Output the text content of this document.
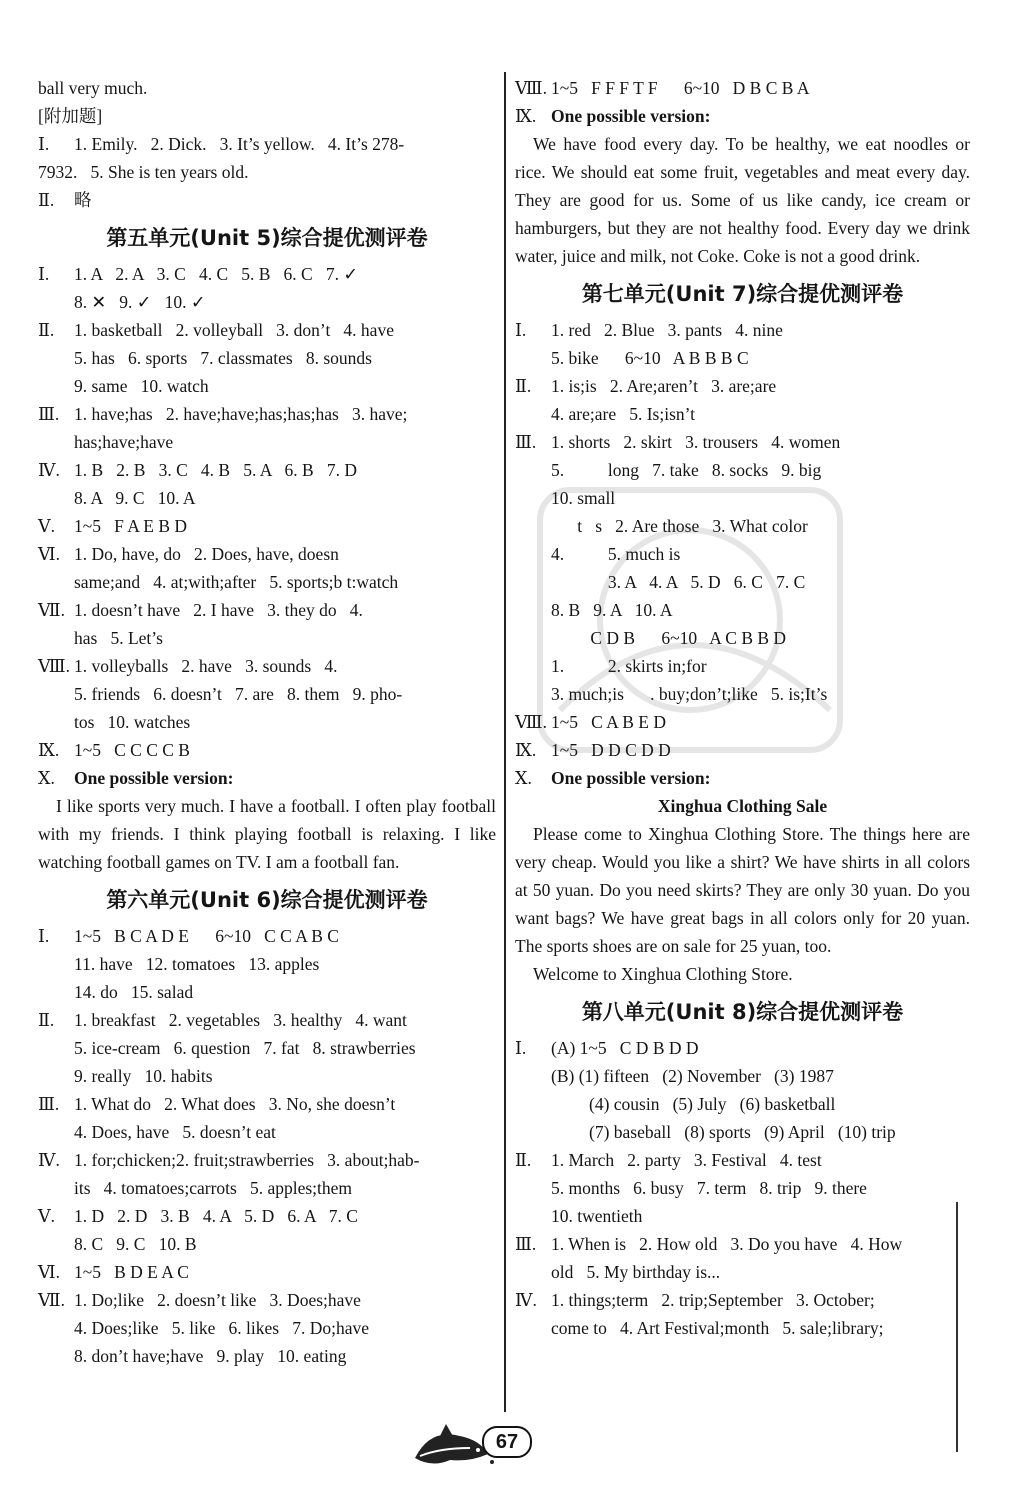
ball very much.
[附加题]
Ⅰ. 1. Emily.   2. Dick.   3. It’s yellow.   4. It’s 278-
7932.   5. She is ten years old.
Ⅱ. 略
第五单元(Unit 5)综合提优测评卷
Ⅰ. 1. A   2. A   3. C   4. C   5. B   6. C   7. ✓
8. ✕   9. ✓   10. ✓
Ⅱ. 1. basketball   2. volleyball   3. don’t   4. have
5. has   6. sports   7. classmates   8. sounds
9. same   10. watch
Ⅲ. 1. have;has   2. have;have;has;has;has   3. have;
has;have;have
Ⅳ. 1. B   2. B   3. C   4. B   5. A   6. B   7. D
8. A   9. C   10. A
Ⅴ. 1~5   F A E B D
Ⅵ. 1. Do, have, do   2. Does, have, doesn
same;and   4. at;with;after   5. sports;b t:watch
Ⅶ. 1. doesn’t have   2. I have   3. they do   4.
has   5. Let’s
Ⅷ. 1. volleyballs   2. have   3. sounds   4.
5. friends   6. doesn’t   7. are   8. them   9. pho-
tos   10. watches
Ⅸ. 1~5   C C C C B
Ⅹ. One possible version:
I like sports very much. I have a football. I often play football with my friends. I think playing football is relaxing. I like watching football games on TV. I am a football fan.
第六单元(Unit 6)综合提优测评卷
Ⅰ. 1~5   B C A D E      6~10   C C A B C
11. have   12. tomatoes   13. apples
14. do   15. salad
Ⅱ. 1. breakfast   2. vegetables   3. healthy   4. want
5. ice-cream   6. question   7. fat   8. strawberries
9. really   10. habits
Ⅲ. 1. What do   2. What does   3. No, she doesn’t
4. Does, have   5. doesn’t eat
Ⅳ. 1. for;chicken;2. fruit;strawberries   3. about;hab-
its   4. tomatoes;carrots   5. apples;them
Ⅴ. 1. D   2. D   3. B   4. A   5. D   6. A   7. C
8. C   9. C   10. B
Ⅵ. 1~5   B D E A C
Ⅶ. 1. Do;like   2. doesn’t like   3. Does;have
4. Does;like   5. like   6. likes   7. Do;have
8. don’t have;have   9. play   10. eating
Ⅷ. 1~5   F F F T F      6~10   D B C B A
Ⅸ. One possible version:
We have food every day. To be healthy, we eat noodles or rice. We should eat some fruit, vegetables and meat every day. They are good for us. Some of us like candy, ice cream or hamburgers, but they are not healthy food. Every day we drink water, juice and milk, not Coke. Coke is not a good drink.
第七单元(Unit 7)综合提优测评卷
Ⅰ. 1. red   2. Blue   3. pants   4. nine
5. bike      6~10   A B B B C
Ⅱ. 1. is;is   2. Are;aren’t   3. are;are
4. are;are   5. Is;isn’t
Ⅲ. 1. shorts   2. skirt   3. trousers   4. women
5.          long   7. take   8. socks   9. big
10. small
t   s   2. Are those   3. What color
4.          5. much is
3. A   4. A   5. D   6. C   7. C
8. B   9. A   10. A
C D B      6~10   A C B B D
1.          2. skirts in;for
3. much;is      . buy;don’t;like   5. is;It’s
Ⅷ. 1~5   C A B E D
Ⅸ. 1~5   D D C D D
Ⅹ. One possible version:
Xinghua Clothing Sale
Please come to Xinghua Clothing Store. The things here are very cheap. Would you like a shirt? We have shirts in all colors at 50 yuan. Do you need skirts? They are only 30 yuan. Do you want bags? We have great bags in all colors only for 20 yuan. The sports shoes are on sale for 25 yuan, too.
Welcome to Xinghua Clothing Store.
第八单元(Unit 8)综合提优测评卷
Ⅰ. (A) 1~5   C D B D D
(B) (1) fifteen   (2) November   (3) 1987
(4) cousin   (5) July   (6) basketball
(7) baseball   (8) sports   (9) April   (10) trip
Ⅱ. 1. March   2. party   3. Festival   4. test
5. months   6. busy   7. term   8. trip   9. there
10. twentieth
Ⅲ. 1. When is   2. How old   3. Do you have   4. How
old   5. My birthday is...
Ⅳ. 1. things;term   2. trip;September   3. October;
come to   4. Art Festival;month   5. sale;library;
67
